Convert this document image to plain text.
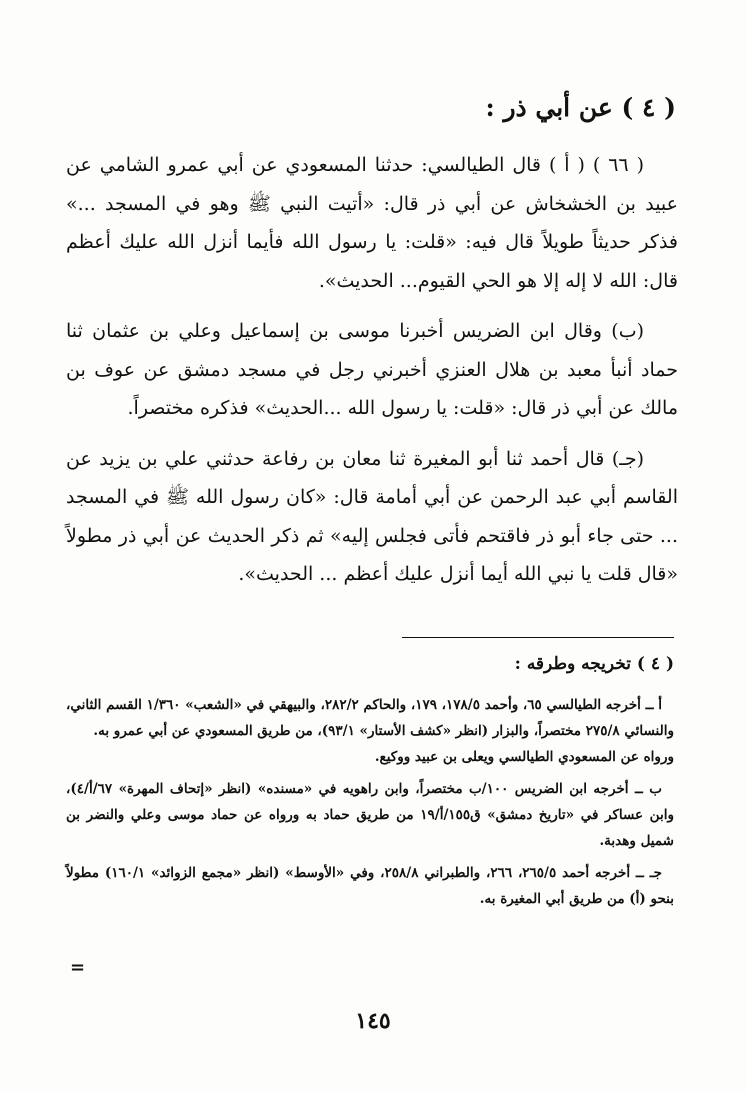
( ٤ ) عن أبي ذر :

( ٦٦ ) ( أ ) قال الطيالسي: حدثنا المسعودي عن أبي عمرو الشامي عن عبيد بن الخشخاش عن أبي ذر قال: «أتيت النبي ﷺ وهو في المسجد ...» فذكر حديثاً طويلاً قال فيه: «قلت: يا رسول الله فأيما أنزل الله عليك أعظم قال: الله لا إله إلا هو الحي القيوم... الحديث».

(ب) وقال ابن الضريس أخبرنا موسى بن إسماعيل وعلي بن عثمان ثنا حماد أنبأ معبد بن هلال العنزي أخبرني رجل في مسجد دمشق عن عوف بن مالك عن أبي ذر قال: «قلت: يا رسول الله ...الحديث» فذكره مختصراً.

(جـ) قال أحمد ثنا أبو المغيرة ثنا معان بن رفاعة حدثني علي بن يزيد عن القاسم أبي عبد الرحمن عن أبي أمامة قال: «كان رسول الله ﷺ في المسجد ... حتى جاء أبو ذر فاقتحم فأتى فجلس إليه» ثم ذكر الحديث عن أبي ذر مطولاً «قال قلت يا نبي الله أيما أنزل عليك أعظم ... الحديث».

( ٤ ) تخريجه وطرقه :

أ ــ أخرجه الطيالسي ٦٥، وأحمد ١٧٨/٥، ١٧٩، والحاكم ٢٨٢/٢، والبيهقي في «الشعب» ١/٣٦٠ القسم الثاني، والنسائي ٢٧٥/٨ مختصراً، والبزار (انظر «كشف الأستار» ٩٣/١)، من طريق المسعودي عن أبي عمرو به.

ورواه عن المسعودي الطيالسي ويعلى بن عبيد ووكيع.

ب ــ أخرجه ابن الضريس ١٠٠/ب مختصراً، وابن راهويه في «مسنده» (انظر «إتحاف المهرة» ٦٧/أ/٤)، وابن عساكر في «تاريخ دمشق» ق١٥٥/أ/١٩ من طريق حماد به ورواه عن حماد موسى وعلي والنضر بن شميل وهدبة.

جـ ــ أخرجه أحمد ٢٦٥/٥، ٢٦٦، والطبراني ٢٥٨/٨، وفي «الأوسط» (انظر «مجمع الزوائد» ١٦٠/١) مطولاً بنحو (أ) من طريق أبي المغيرة به.

=
١٤٥
